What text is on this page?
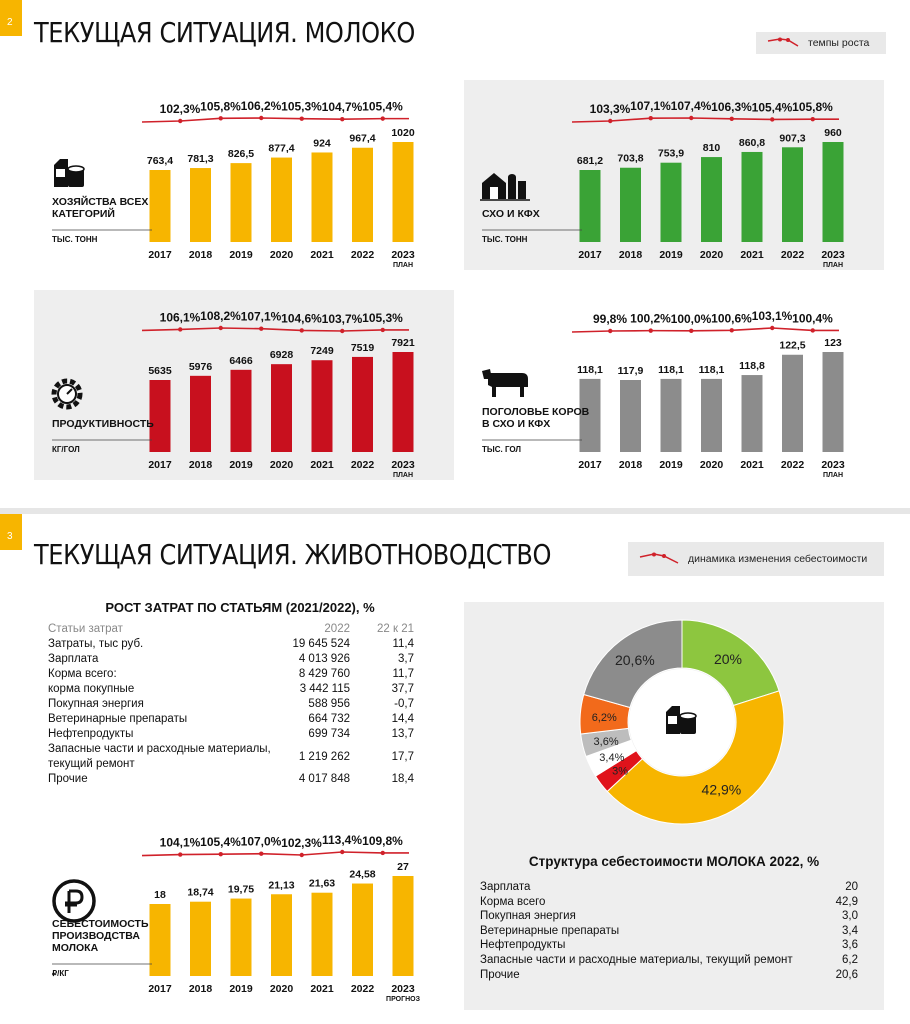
2 ТЕКУЩАЯ СИТУАЦИЯ. МОЛОКО	темпы роста
763,4
2017
781,3
2018
826,5
2019
877,4
2020
924
2021
967,4
2022
1020
2023
ПЛАН
102,3% 105,8% 106,2% 105,3% 104,7% 105,4%
ХОЗЯЙСТВА ВСЕХ
КАТЕГОРИЙ
ТЫС. ТОНН
681,2
2017
703,8
2018
753,9
2019
810
2020
860,8
2021
907,3
2022
960
2023
ПЛАН
103,3% 107,1% 107,4% 106,3% 105,4% 105,8%
СХО И КФХ
ТЫС. ТОНН
5635
2017
5976
2018
6466
2019
6928
2020
7249
2021
7519
2022
7921
2023
ПЛАН
106,1% 108,2% 107,1% 104,6% 103,7% 105,3%
ПРОДУКТИВНОСТЬ
КГ/ГОЛ
118,1
2017
117,9
2018
118,1
2019
118,1
2020
118,8
2021
122,5
2022
123
2023
ПЛАН
99,8% 100,2% 100,0% 100,6% 103,1% 100,4%
ПОГОЛОВЬЕ КОРОВ
В СХО И КФХ
ТЫС. ГОЛ
3
ТЕКУЩАЯ СИТУАЦИЯ. ЖИВОТНОВОДСТВО	динамика изменения себестоимости
РОСТ ЗАТРАТ ПО СТАТЬЯМ (2021/2022), %
Статьи затрат	2022	22 к 21
Затраты, тыс руб.	19 645 524	11,4
Зарплата	4 013 926	3,7
Корма всего:	8 429 760	11,7
корма покупные	3 442 115	37,7
Покупная энергия	588 956	-0,7
Ветеринарные препараты	664 732	14,4
Нефтепродукты	699 734	13,7
Запасные части и расходные материалы, текущий ремонт	1 219 262	17,7
Прочие	4 017 848	18,4
18
2017
18,74
2018
19,75
2019
21,13
2020
21,63
2021
24,58
2022
27
2023
ПРОГНОЗ
104,1% 105,4% 107,0% 102,3% 113,4% 109,8%
СЕБЕСТОИМОСТЬ
ПРОИЗВОДСТВА
МОЛОКА
₽/КГ
20%
42,9%
3%
3,4%
3,6%
6,2%
20,6%
Структура себестоимости МОЛОКА 2022, %
Зарплата	20
Корма всего	42,9
Покупная энергия	3,0
Ветеринарные препараты	3,4
Нефтепродукты	3,6
Запасные части и расходные материалы, текущий ремонт	6,2
Прочие	20,6
